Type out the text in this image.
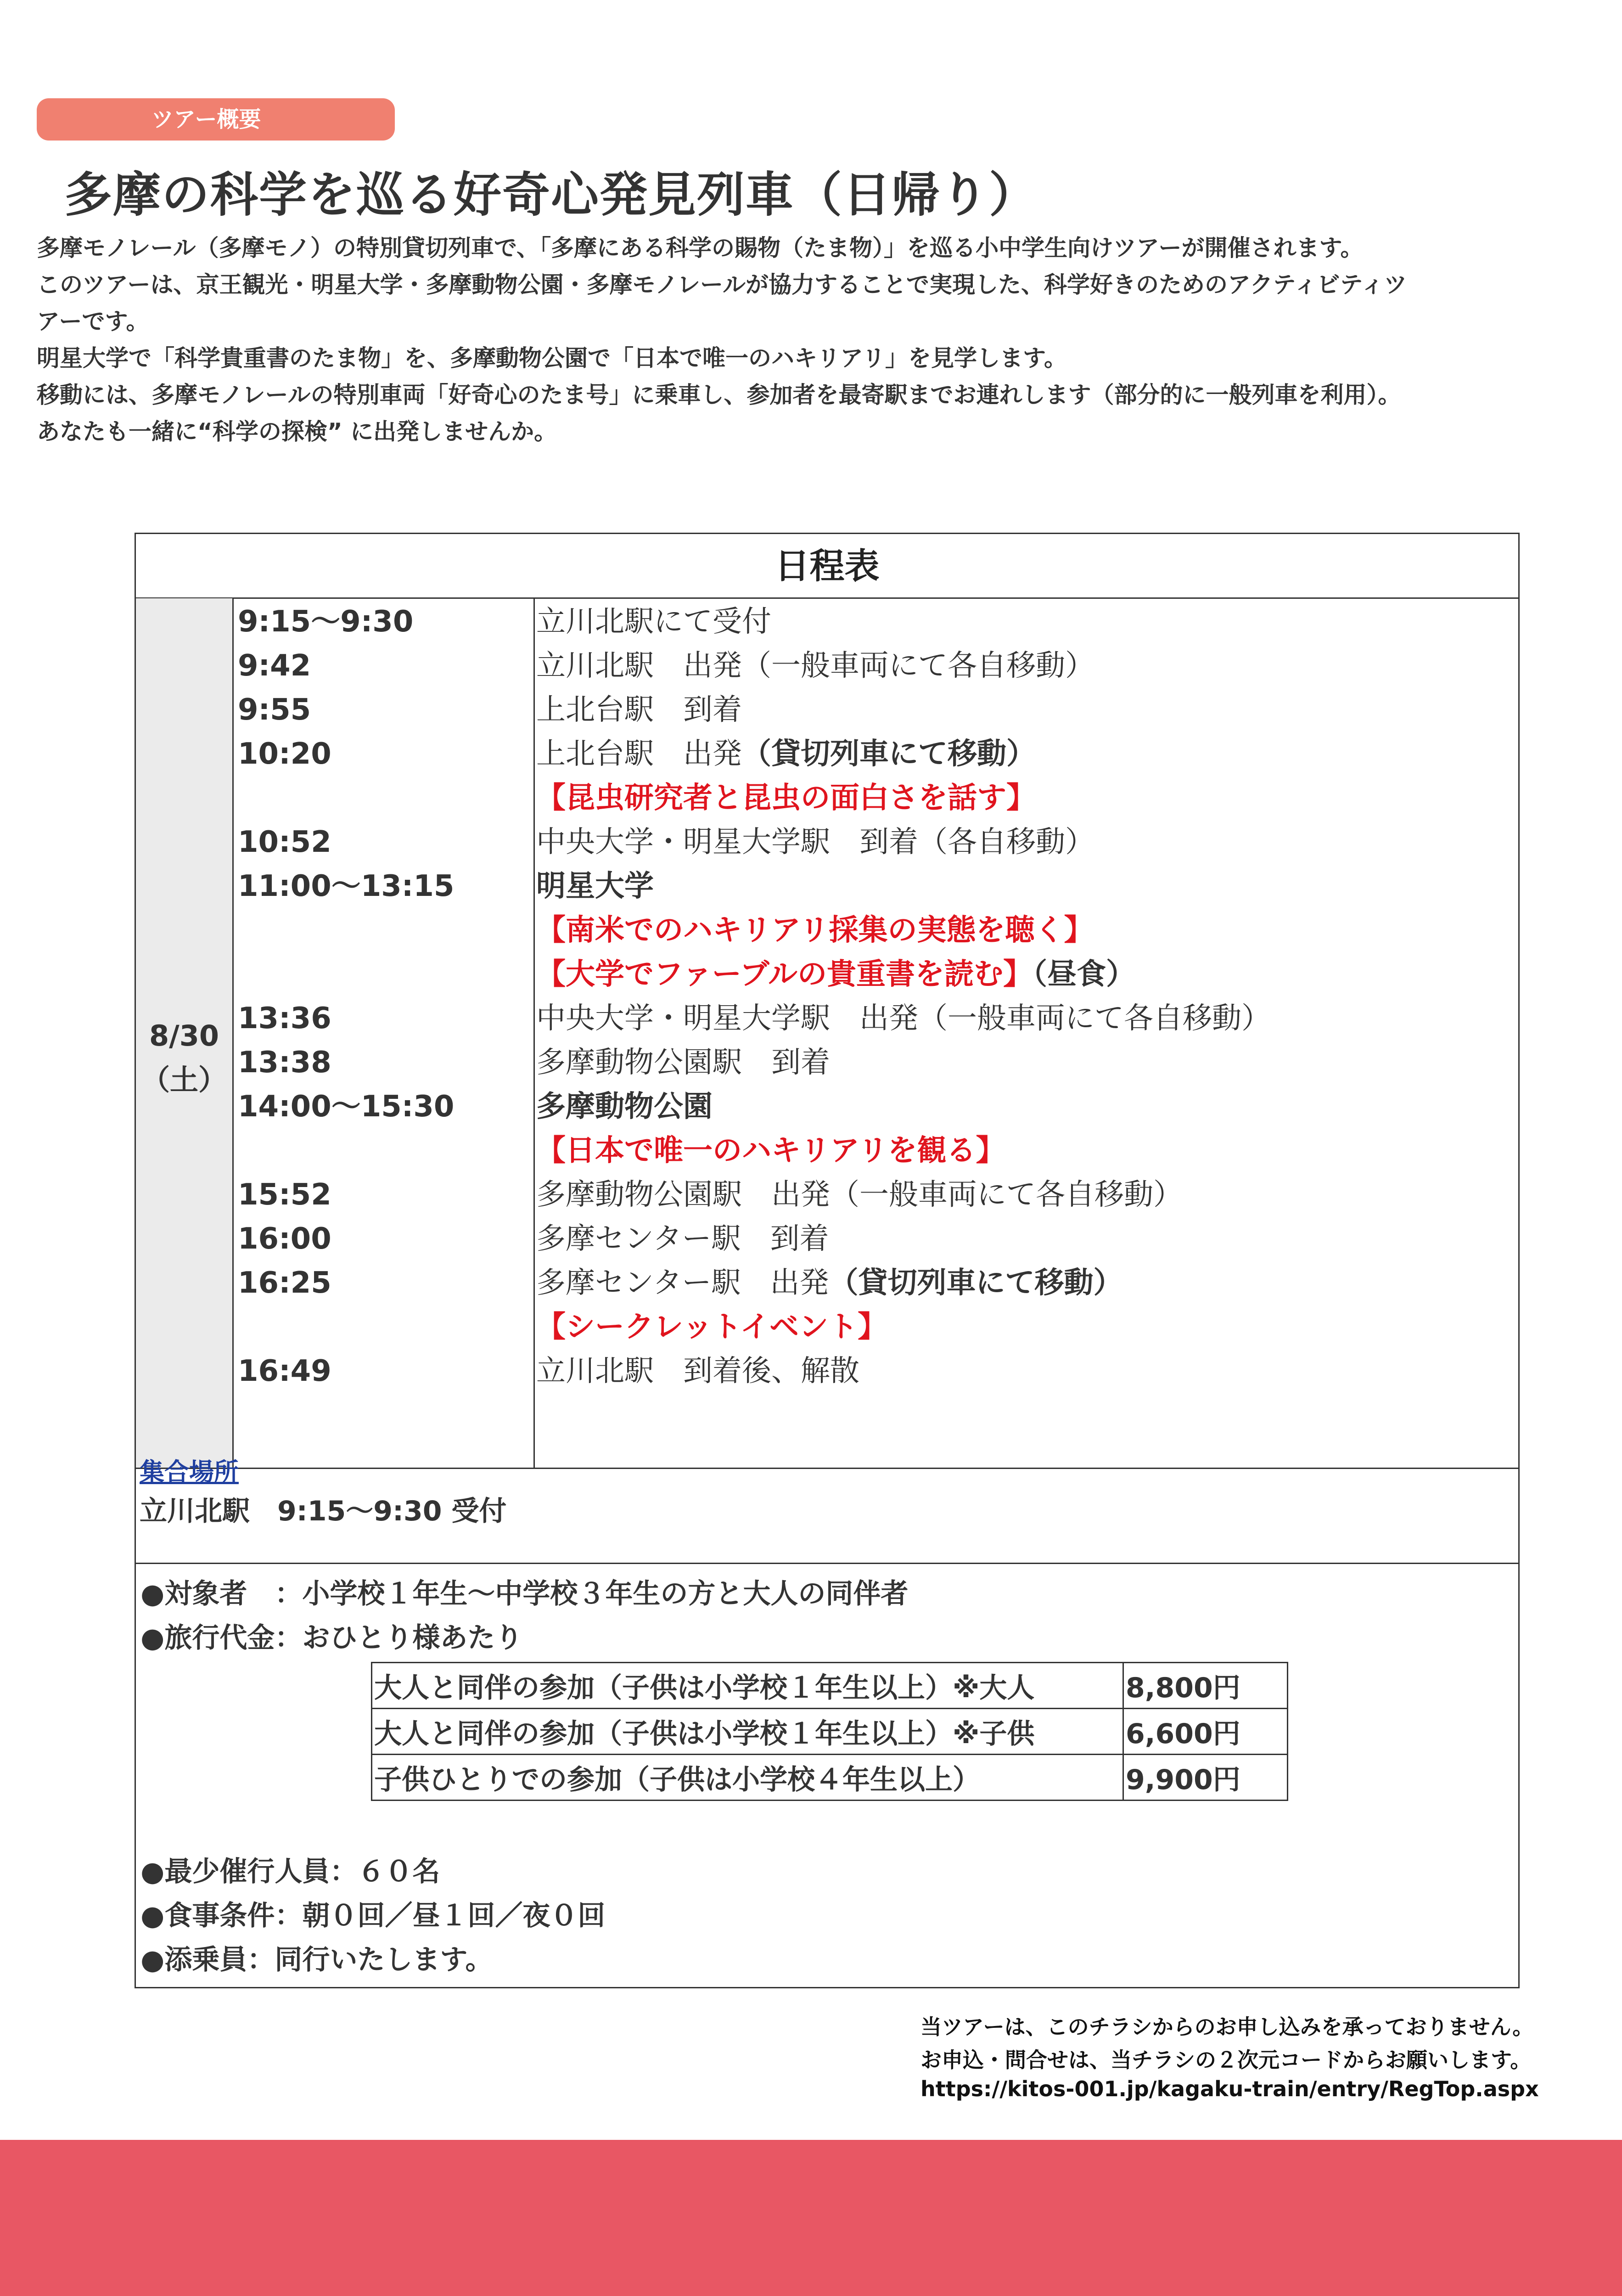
ツアー概要
多摩の科学を巡る好奇心発見列車（日帰り）
多摩モノレール（多摩モノ）の特別貸切列車で、「多摩にある科学の賜物（たま物）」を巡る小中学生向けツアーが開催されます。
このツアーは、京王観光・明星大学・多摩動物公園・多摩モノレールが協力することで実現した、科学好きのためのアクティビティツ
アーです。
明星大学で「科学貴重書のたま物」を、多摩動物公園で「日本で唯一のハキリアリ」を見学します。
移動には、多摩モノレールの特別車両「好奇心のたま号」に乗車し、参加者を最寄駅までお連れします（部分的に一般列車を利用）。
あなたも一緒に“科学の探検” に出発しませんか。
日程表
8/30
（土）
9:15〜9:30	立川北駅にて受付
9:42	立川北駅　出発（一般車両にて各自移動）
9:55	上北台駅　到着
10:20	上北台駅　出発（貸切列車にて移動）
【昆虫研究者と昆虫の面白さを話す】
10:52	中央大学・明星大学駅　到着（各自移動）
11:00〜13:15	明星大学
【南米でのハキリアリ採集の実態を聴く】
【大学でファーブルの貴重書を読む】（昼食）
13:36	中央大学・明星大学駅　出発（一般車両にて各自移動）
13:38	多摩動物公園駅　到着
14:00〜15:30	多摩動物公園
【日本で唯一のハキリアリを観る】
15:52	多摩動物公園駅　出発（一般車両にて各自移動）
16:00	多摩センター駅　到着
16:25	多摩センター駅　出発（貸切列車にて移動）
【シークレットイベント】
16:49	立川北駅　到着後、解散
集合場所
立川北駅　9:15〜9:30 受付
●対象者　：小学校１年生〜中学校３年生の方と大人の同伴者
●旅行代金：おひとり様あたり
大人と同伴の参加（子供は小学校１年生以上）※大人	8,800円
大人と同伴の参加（子供は小学校１年生以上）※子供	6,600円
子供ひとりでの参加（子供は小学校４年生以上）	9,900円
●最少催行人員：６０名
●食事条件：朝０回／昼１回／夜０回
●添乗員：同行いたします。
当ツアーは、このチラシからのお申し込みを承っておりません。
お申込・問合せは、当チラシの２次元コードからお願いします。
https://kitos-001.jp/kagaku-train/entry/RegTop.aspx
